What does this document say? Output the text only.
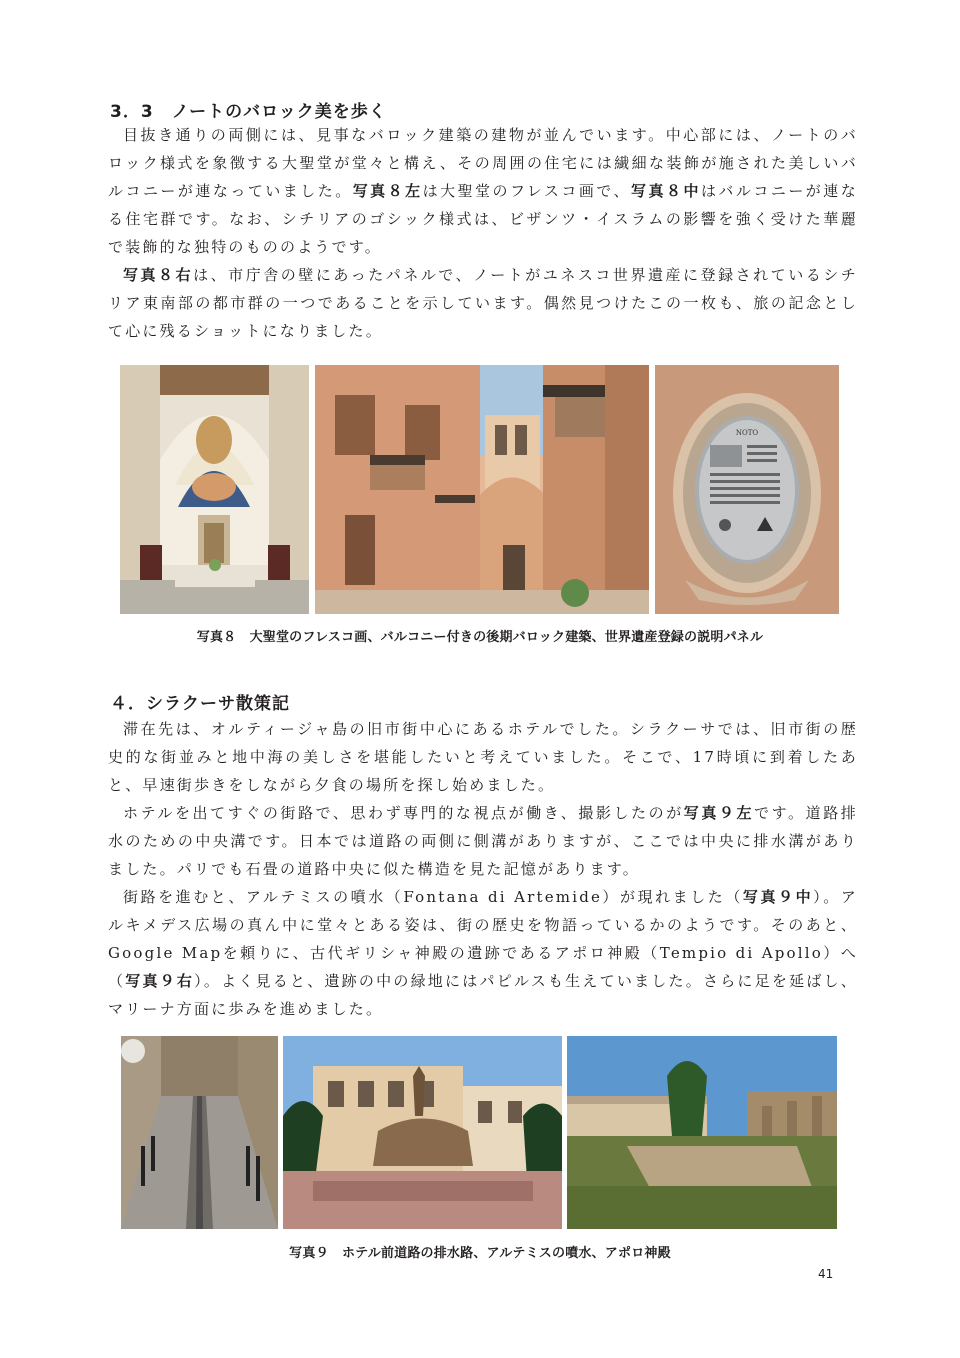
3．3　ノートのバロック美を歩く

目抜き通りの両側には、見事なバロック建築の建物が並んでいます。中心部には、ノートのバロック様式を象徴する大聖堂が堂々と構え、その周囲の住宅には繊細な装飾が施された美しいバルコニーが連なっていました。写真８左は大聖堂のフレスコ画で、写真８中はバルコニーが連なる住宅群です。なお、シチリアのゴシック様式は、ビザンツ・イスラムの影響を強く受けた華麗で装飾的な独特のもののようです。

写真８右は、市庁舎の壁にあったパネルで、ノートがユネスコ世界遺産に登録されているシチリア東南部の都市群の一つであることを示しています。偶然見つけたこの一枚も、旅の記念として心に残るショットになりました。

NOTO
写真８　大聖堂のフレスコ画、バルコニー付きの後期バロック建築、世界遺産登録の説明パネル
４．シラクーサ散策記

滞在先は、オルティージャ島の旧市街中心にあるホテルでした。シラクーサでは、旧市街の歴史的な街並みと地中海の美しさを堪能したいと考えていました。そこで、17時頃に到着したあと、早速街歩きをしながら夕食の場所を探し始めました。

ホテルを出てすぐの街路で、思わず専門的な視点が働き、撮影したのが写真９左です。道路排水のための中央溝です。日本では道路の両側に側溝がありますが、ここでは中央に排水溝がありました。パリでも石畳の道路中央に似た構造を見た記憶があります。

街路を進むと、アルテミスの噴水（Fontana di Artemide）が現れました（写真９中）。アルキメデス広場の真ん中に堂々とある姿は、街の歴史を物語っているかのようです。そのあと、Google Mapを頼りに、古代ギリシャ神殿の遺跡であるアポロ神殿（Tempio di Apollo）へ（写真９右）。よく見ると、遺跡の中の緑地にはパピルスも生えていました。さらに足を延ばし、マリーナ方面に歩みを進めました。

写真９　ホテル前道路の排水路、アルテミスの噴水、アポロ神殿
41
